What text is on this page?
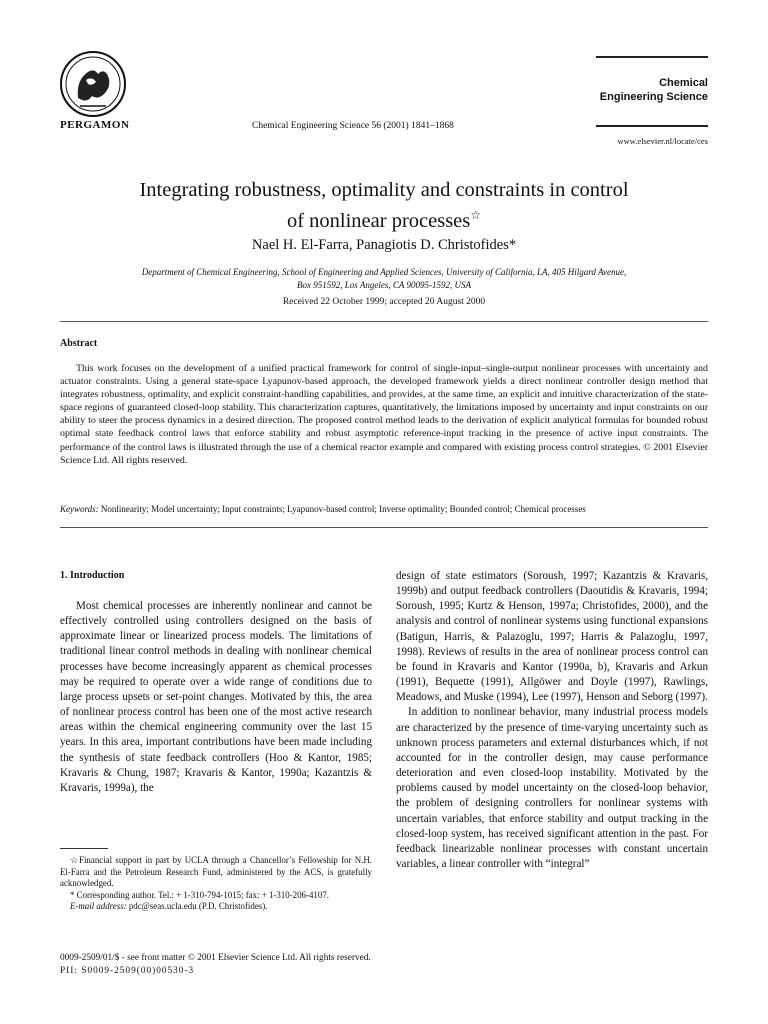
PERGAMON	Chemical Engineering Science 56 (2001) 1841–1868
Chemical
Engineering Science
www.elsevier.nl/locate/ces
Integrating robustness, optimality and constraints in control
of nonlinear processes☆
Nael H. El-Farra, Panagiotis D. Christofides*
Department of Chemical Engineering, School of Engineering and Applied Sciences, University of California, LA, 405 Hilgard Avenue,
Box 951592, Los Angeles, CA 90095-1592, USA
Received 22 October 1999; accepted 20 August 2000
Abstract
This work focuses on the development of a unified practical framework for control of single-input–single-output nonlinear processes with uncertainty and actuator constraints. Using a general state-space Lyapunov-based approach, the developed framework yields a direct nonlinear controller design method that integrates robustness, optimality, and explicit constraint-handling capabilities, and provides, at the same time, an explicit and intuitive characterization of the state-space regions of guaranteed closed-loop stability. This characterization captures, quantitatively, the limitations imposed by uncertainty and input constraints on our ability to steer the process dynamics in a desired direction. The proposed control method leads to the derivation of explicit analytical formulas for bounded robust optimal state feedback control laws that enforce stability and robust asymptotic reference-input tracking in the presence of active input constraints. The performance of the control laws is illustrated through the use of a chemical reactor example and compared with existing process control strategies. © 2001 Elsevier Science Ltd. All rights reserved.
Keywords: Nonlinearity; Model uncertainty; Input constraints; Lyapunov-based control; Inverse optimality; Bounded control; Chemical processes
1. Introduction
Most chemical processes are inherently nonlinear and cannot be effectively controlled using controllers designed on the basis of approximate linear or linearized process models. The limitations of traditional linear control methods in dealing with nonlinear chemical processes have become increasingly apparent as chemical processes may be required to operate over a wide range of conditions due to large process upsets or set-point changes. Motivated by this, the area of nonlinear process control has been one of the most active research areas within the chemical engineering community over the last 15 years. In this area, important contributions have been made including the synthesis of state feedback controllers (Hoo & Kantor, 1985; Kravaris & Chung, 1987; Kravaris & Kantor, 1990a; Kazantzis & Kravaris, 1999a), the

design of state estimators (Soroush, 1997; Kazantzis & Kravaris, 1999b) and output feedback controllers (Daoutidis & Kravaris, 1994; Soroush, 1995; Kurtz & Henson, 1997a; Christofides, 2000), and the analysis and control of nonlinear systems using functional expansions (Batigun, Harris, & Palazoglu, 1997; Harris & Palazoglu, 1997, 1998). Reviews of results in the area of nonlinear process control can be found in Kravaris and Kantor (1990a, b), Kravaris and Arkun (1991), Bequette (1991), Allgöwer and Doyle (1997), Rawlings, Meadows, and Muske (1994), Lee (1997), Henson and Seborg (1997).

In addition to nonlinear behavior, many industrial process models are characterized by the presence of time-varying uncertainty such as unknown process parameters and external disturbances which, if not accounted for in the controller design, may cause performance deterioration and even closed-loop instability. Motivated by the problems caused by model uncertainty on the closed-loop behavior, the problem of designing controllers for nonlinear systems with uncertain variables, that enforce stability and output tracking in the closed-loop system, has received significant attention in the past. For feedback linearizable nonlinear processes with constant uncertain variables, a linear controller with “integral”

☆Financial support in part by UCLA through a Chancellor’s Fellowship for N.H. El-Farra and the Petroleum Research Fund, administered by the ACS, is gratefully acknowledged.

* Corresponding author. Tel.: + 1-310-794-1015; fax: + 1-310-206-4107.

E-mail address: pdc@seas.ucla.edu (P.D. Christofides).

0009-2509/01/$ - see front matter © 2001 Elsevier Science Ltd. All rights reserved.
PII: S0009-2509(00)00530-3
